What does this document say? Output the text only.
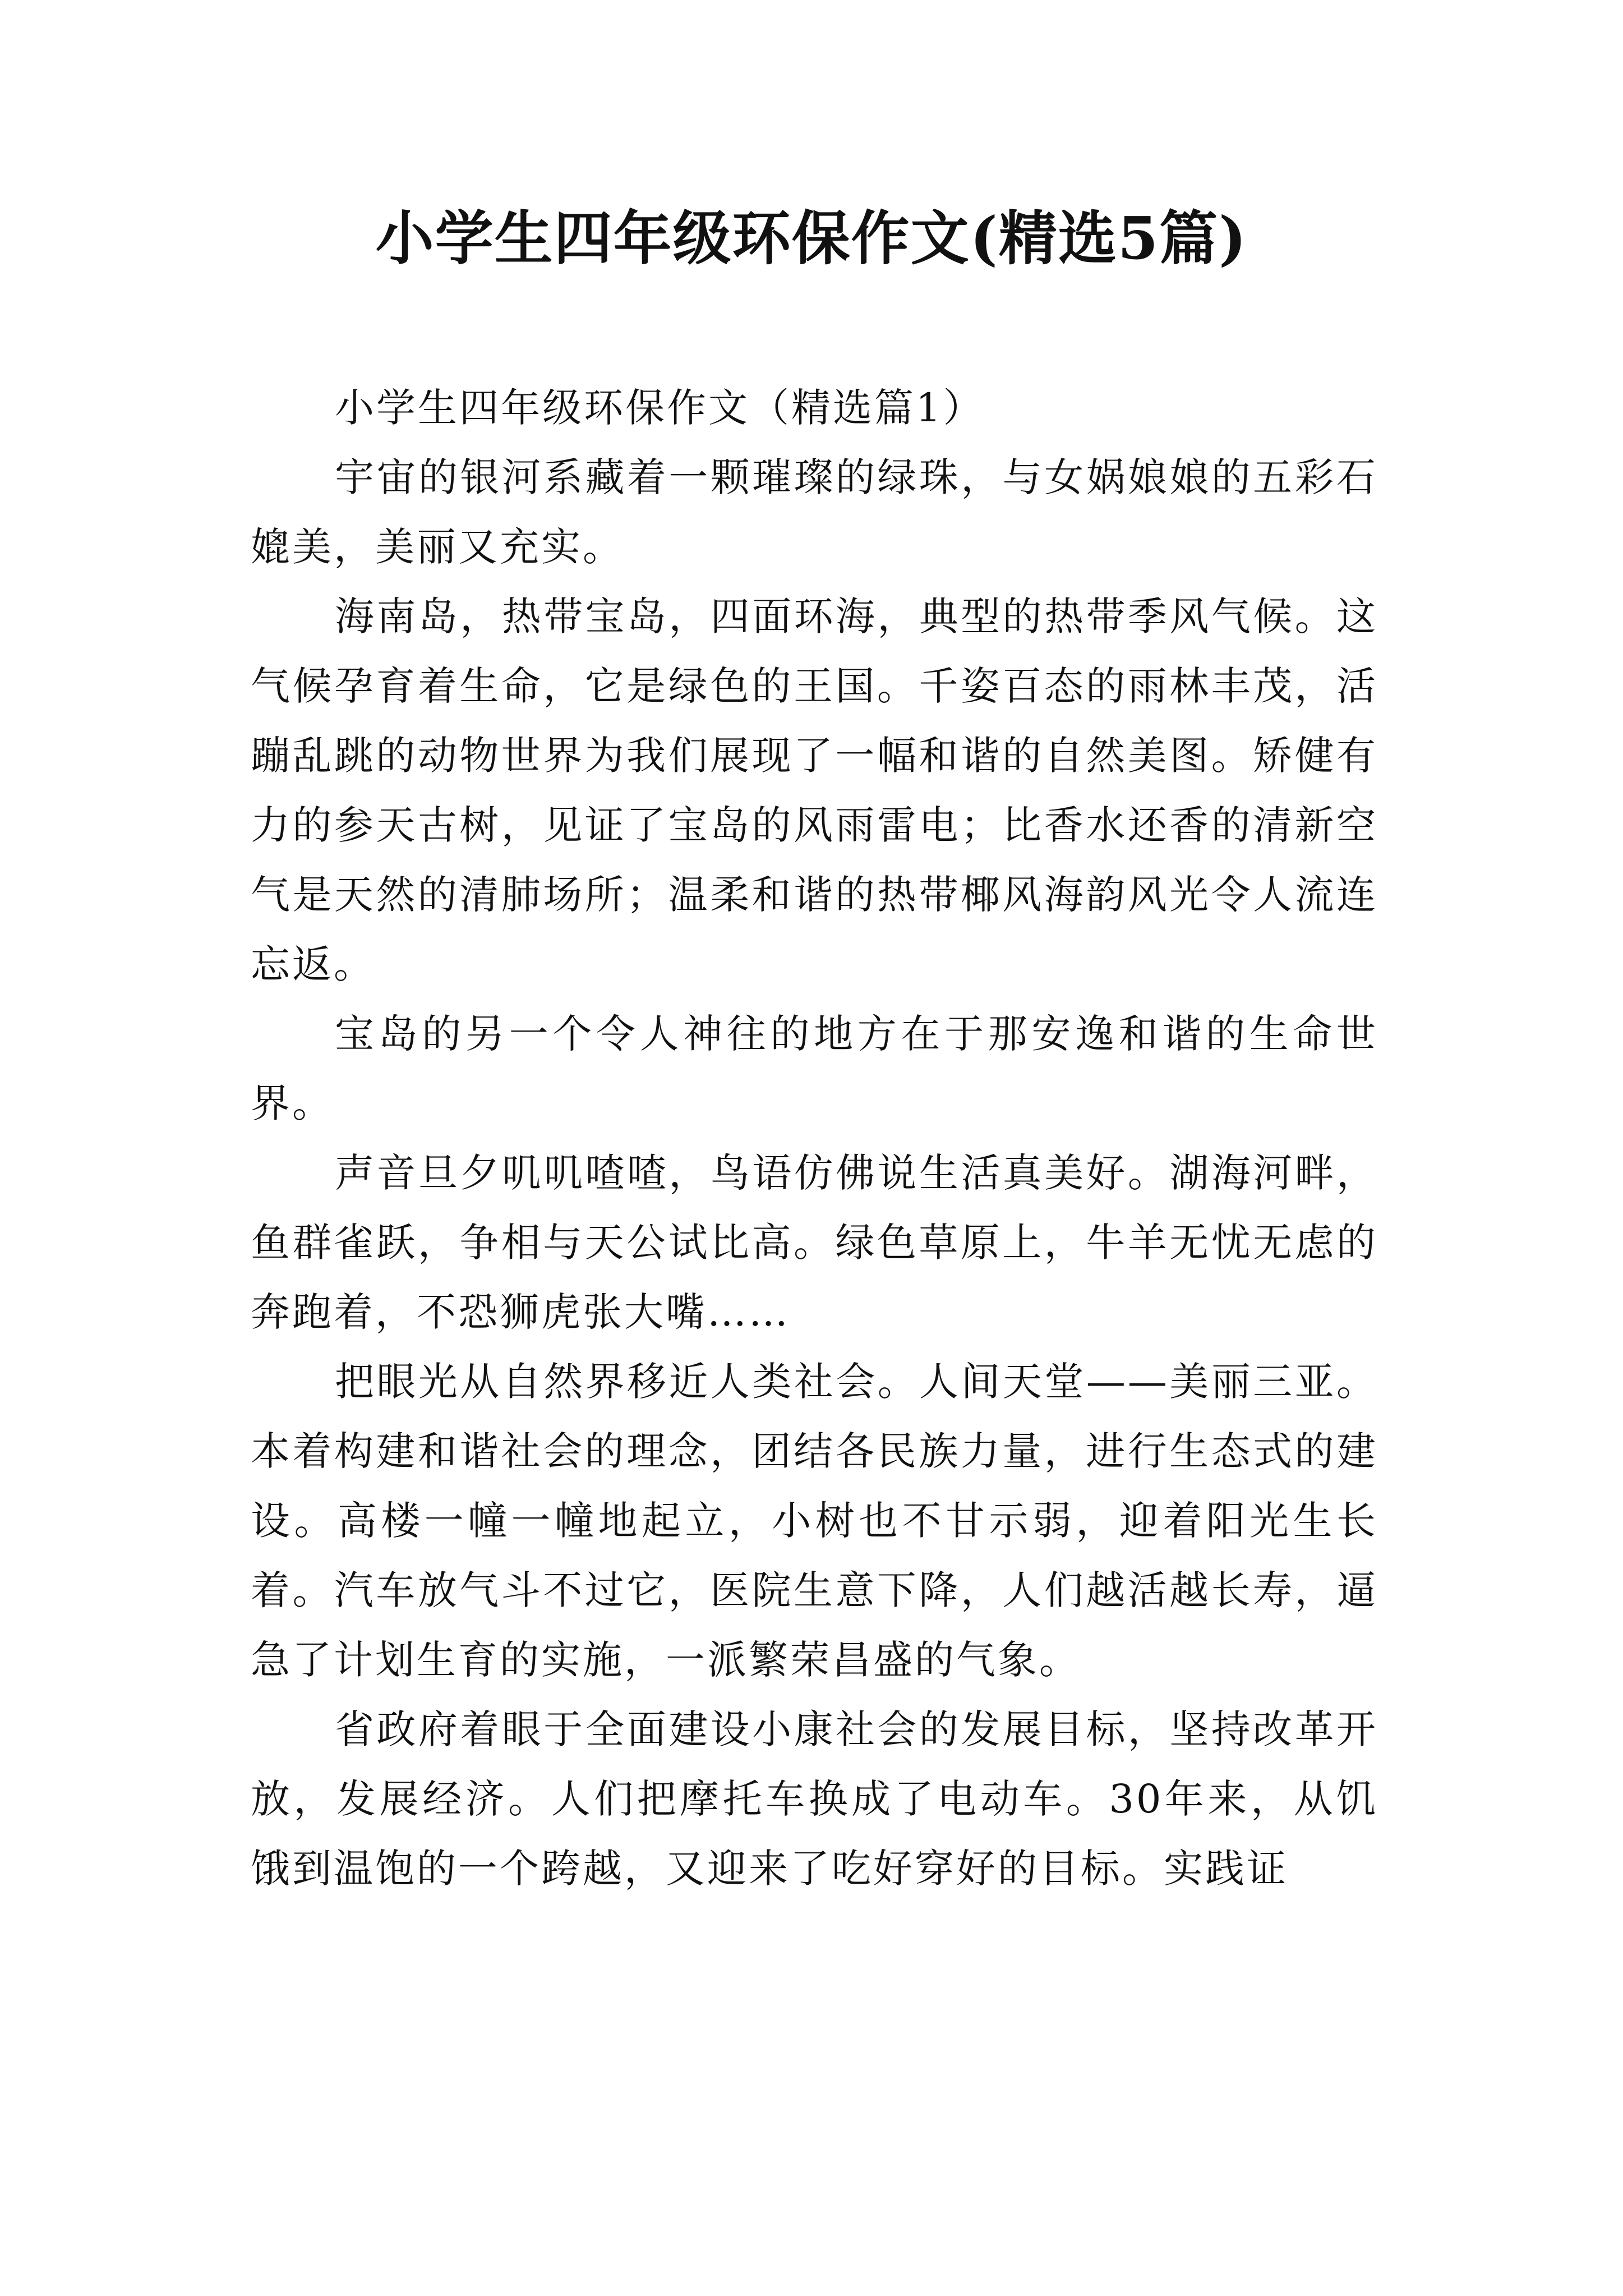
小学生四年级环保作文(精选5篇)

小学生四年级环保作文（精选篇1）

宇宙的银河系藏着一颗璀璨的绿珠，与女娲娘娘的五彩石媲美，美丽又充实。

海南岛，热带宝岛，四面环海，典型的热带季风气候。这气候孕育着生命，它是绿色的王国。千姿百态的雨林丰茂，活蹦乱跳的动物世界为我们展现了一幅和谐的自然美图。矫健有力的参天古树，见证了宝岛的风雨雷电；比香水还香的清新空气是天然的清肺场所；温柔和谐的热带椰风海韵风光令人流连忘返。

宝岛的另一个令人神往的地方在于那安逸和谐的生命世界。

声音旦夕叽叽喳喳，鸟语仿佛说生活真美好。湖海河畔，鱼群雀跃，争相与天公试比高。绿色草原上，牛羊无忧无虑的奔跑着，不恐狮虎张大嘴……

把眼光从自然界移近人类社会。人间天堂——美丽三亚。本着构建和谐社会的理念，团结各民族力量，进行生态式的建设。高楼一幢一幢地起立，小树也不甘示弱，迎着阳光生长着。汽车放气斗不过它，医院生意下降，人们越活越长寿，逼急了计划生育的实施，一派繁荣昌盛的气象。

省政府着眼于全面建设小康社会的发展目标，坚持改革开放，发展经济。人们把摩托车换成了电动车。30年来，从饥饿到温饱的一个跨越，又迎来了吃好穿好的目标。实践证
